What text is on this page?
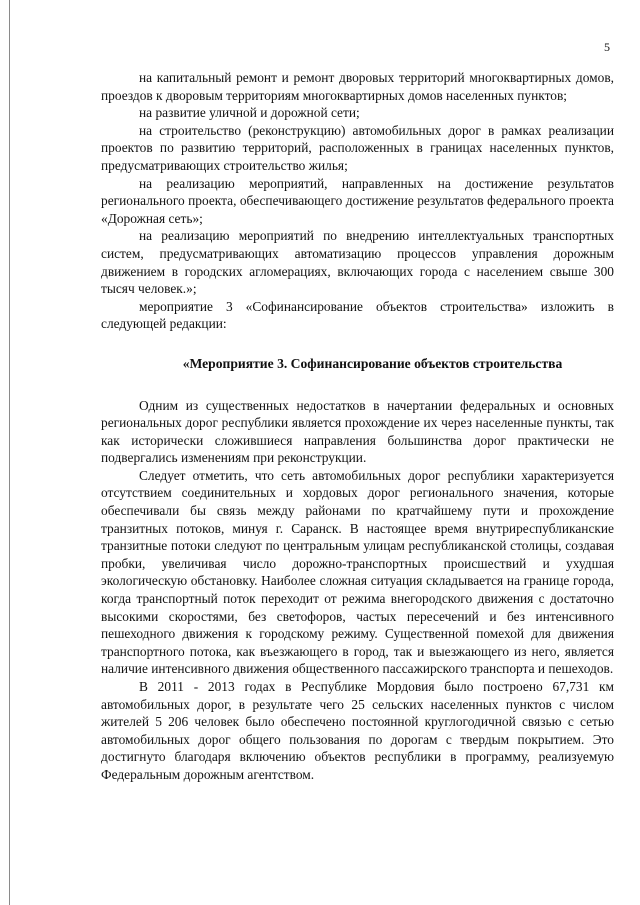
5

на капитальный ремонт и ремонт дворовых территорий многоквартирных домов, проездов к дворовым территориям многоквартирных домов населенных пунктов;

на развитие уличной и дорожной сети;

на строительство (реконструкцию) автомобильных дорог в рамках реализации проектов по развитию территорий, расположенных в границах населенных пунктов, предусматривающих строительство жилья;

на реализацию мероприятий, направленных на достижение результатов регионального проекта, обеспечивающего достижение результатов федерального проекта «Дорожная сеть»;

на реализацию мероприятий по внедрению интеллектуальных транспортных систем, предусматривающих автоматизацию процессов управления дорожным движением в городских агломерациях, включающих города с населением свыше 300 тысяч человек.»;

мероприятие 3 «Софинансирование объектов строительства» изложить в следующей редакции:

«Мероприятие 3. Софинансирование объектов строительства

Одним из существенных недостатков в начертании федеральных и основных региональных дорог республики является прохождение их через населенные пункты, так как исторически сложившиеся направления большинства дорог практически не подвергались изменениям при реконструкции.

Следует отметить, что сеть автомобильных дорог республики характеризуется отсутствием соединительных и хордовых дорог регионального значения, которые обеспечивали бы связь между районами по кратчайшему пути и прохождение транзитных потоков, минуя г. Саранск. В настоящее время внутриреспубликанские транзитные потоки следуют по центральным улицам республиканской столицы, создавая пробки, увеличивая число дорожно-транспортных происшествий и ухудшая экологическую обстановку. Наиболее сложная ситуация складывается на границе города, когда транспортный поток переходит от режима внегородского движения с достаточно высокими скоростями, без светофоров, частых пересечений и без интенсивного пешеходного движения к городскому режиму. Существенной помехой для движения транспортного потока, как въезжающего в город, так и выезжающего из него, является наличие интенсивного движения общественного пассажирского транспорта и пешеходов.

В 2011 - 2013 годах в Республике Мордовия было построено 67,731 км автомобильных дорог, в результате чего 25 сельских населенных пунктов с числом жителей 5 206 человек было обеспечено постоянной круглогодичной связью с сетью автомобильных дорог общего пользования по дорогам с твердым покрытием. Это достигнуто благодаря включению объектов республики в программу, реализуемую Федеральным дорожным агентством.
